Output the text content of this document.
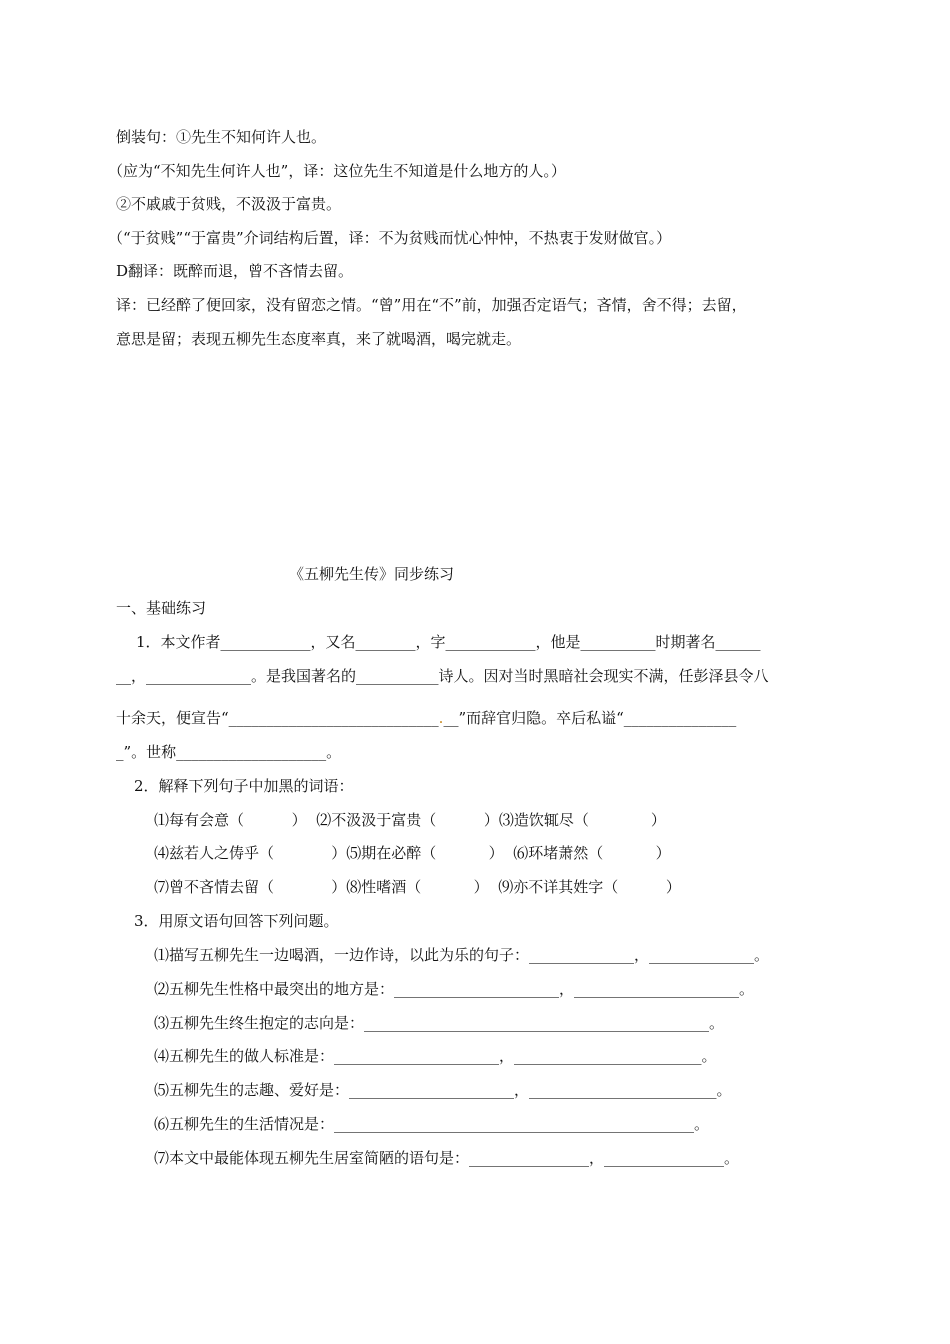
倒装句：①先生不知何许人也。
（应为“不知先生何许人也”，译：这位先生不知道是什么地方的人。）
②不戚戚于贫贱，不汲汲于富贵。
（“于贫贱”“于富贵”介词结构后置，译：不为贫贱而忧心忡忡，不热衷于发财做官。）
D翻译：既醉而退，曾不吝情去留。
译：已经醉了便回家，没有留恋之情。“曾”用在“不”前，加强否定语气；吝情，舍不得；去留，
意思是留；表现五柳先生态度率真，来了就喝酒，喝完就走。
《五柳先生传》同步练习
一、基础练习
1．本文作者____________，又名________，字____________，他是__________时期著名______
__，______________。是我国著名的___________诗人。因对当时黑暗社会现实不满，任彭泽县令八
十余天，便宣告“____________________________.__”而辞官归隐。卒后私谥“_______________
_”。世称____________________。
2．解释下列句子中加黑的词语：
⑴每有会意（          ）  ⑵不汲汲于富贵（          ）⑶造饮辄尽（             ）
⑷兹若人之俦乎（            ）⑸期在必醉（           ）  ⑹环堵萧然（           ）
⑺曾不吝情去留（            ）⑻性嗜酒（           ）  ⑼亦不详其姓字（          ）
3．用原文语句回答下列问题。
⑴描写五柳先生一边喝酒，一边作诗，以此为乐的句子：______________，______________。
⑵五柳先生性格中最突出的地方是：______________________，______________________。
⑶五柳先生终生抱定的志向是：______________________________________________。
⑷五柳先生的做人标准是：______________________，_________________________。
⑸五柳先生的志趣、爱好是：______________________，_________________________。
⑹五柳先生的生活情况是：________________________________________________。
⑺本文中最能体现五柳先生居室简陋的语句是：________________，________________。
